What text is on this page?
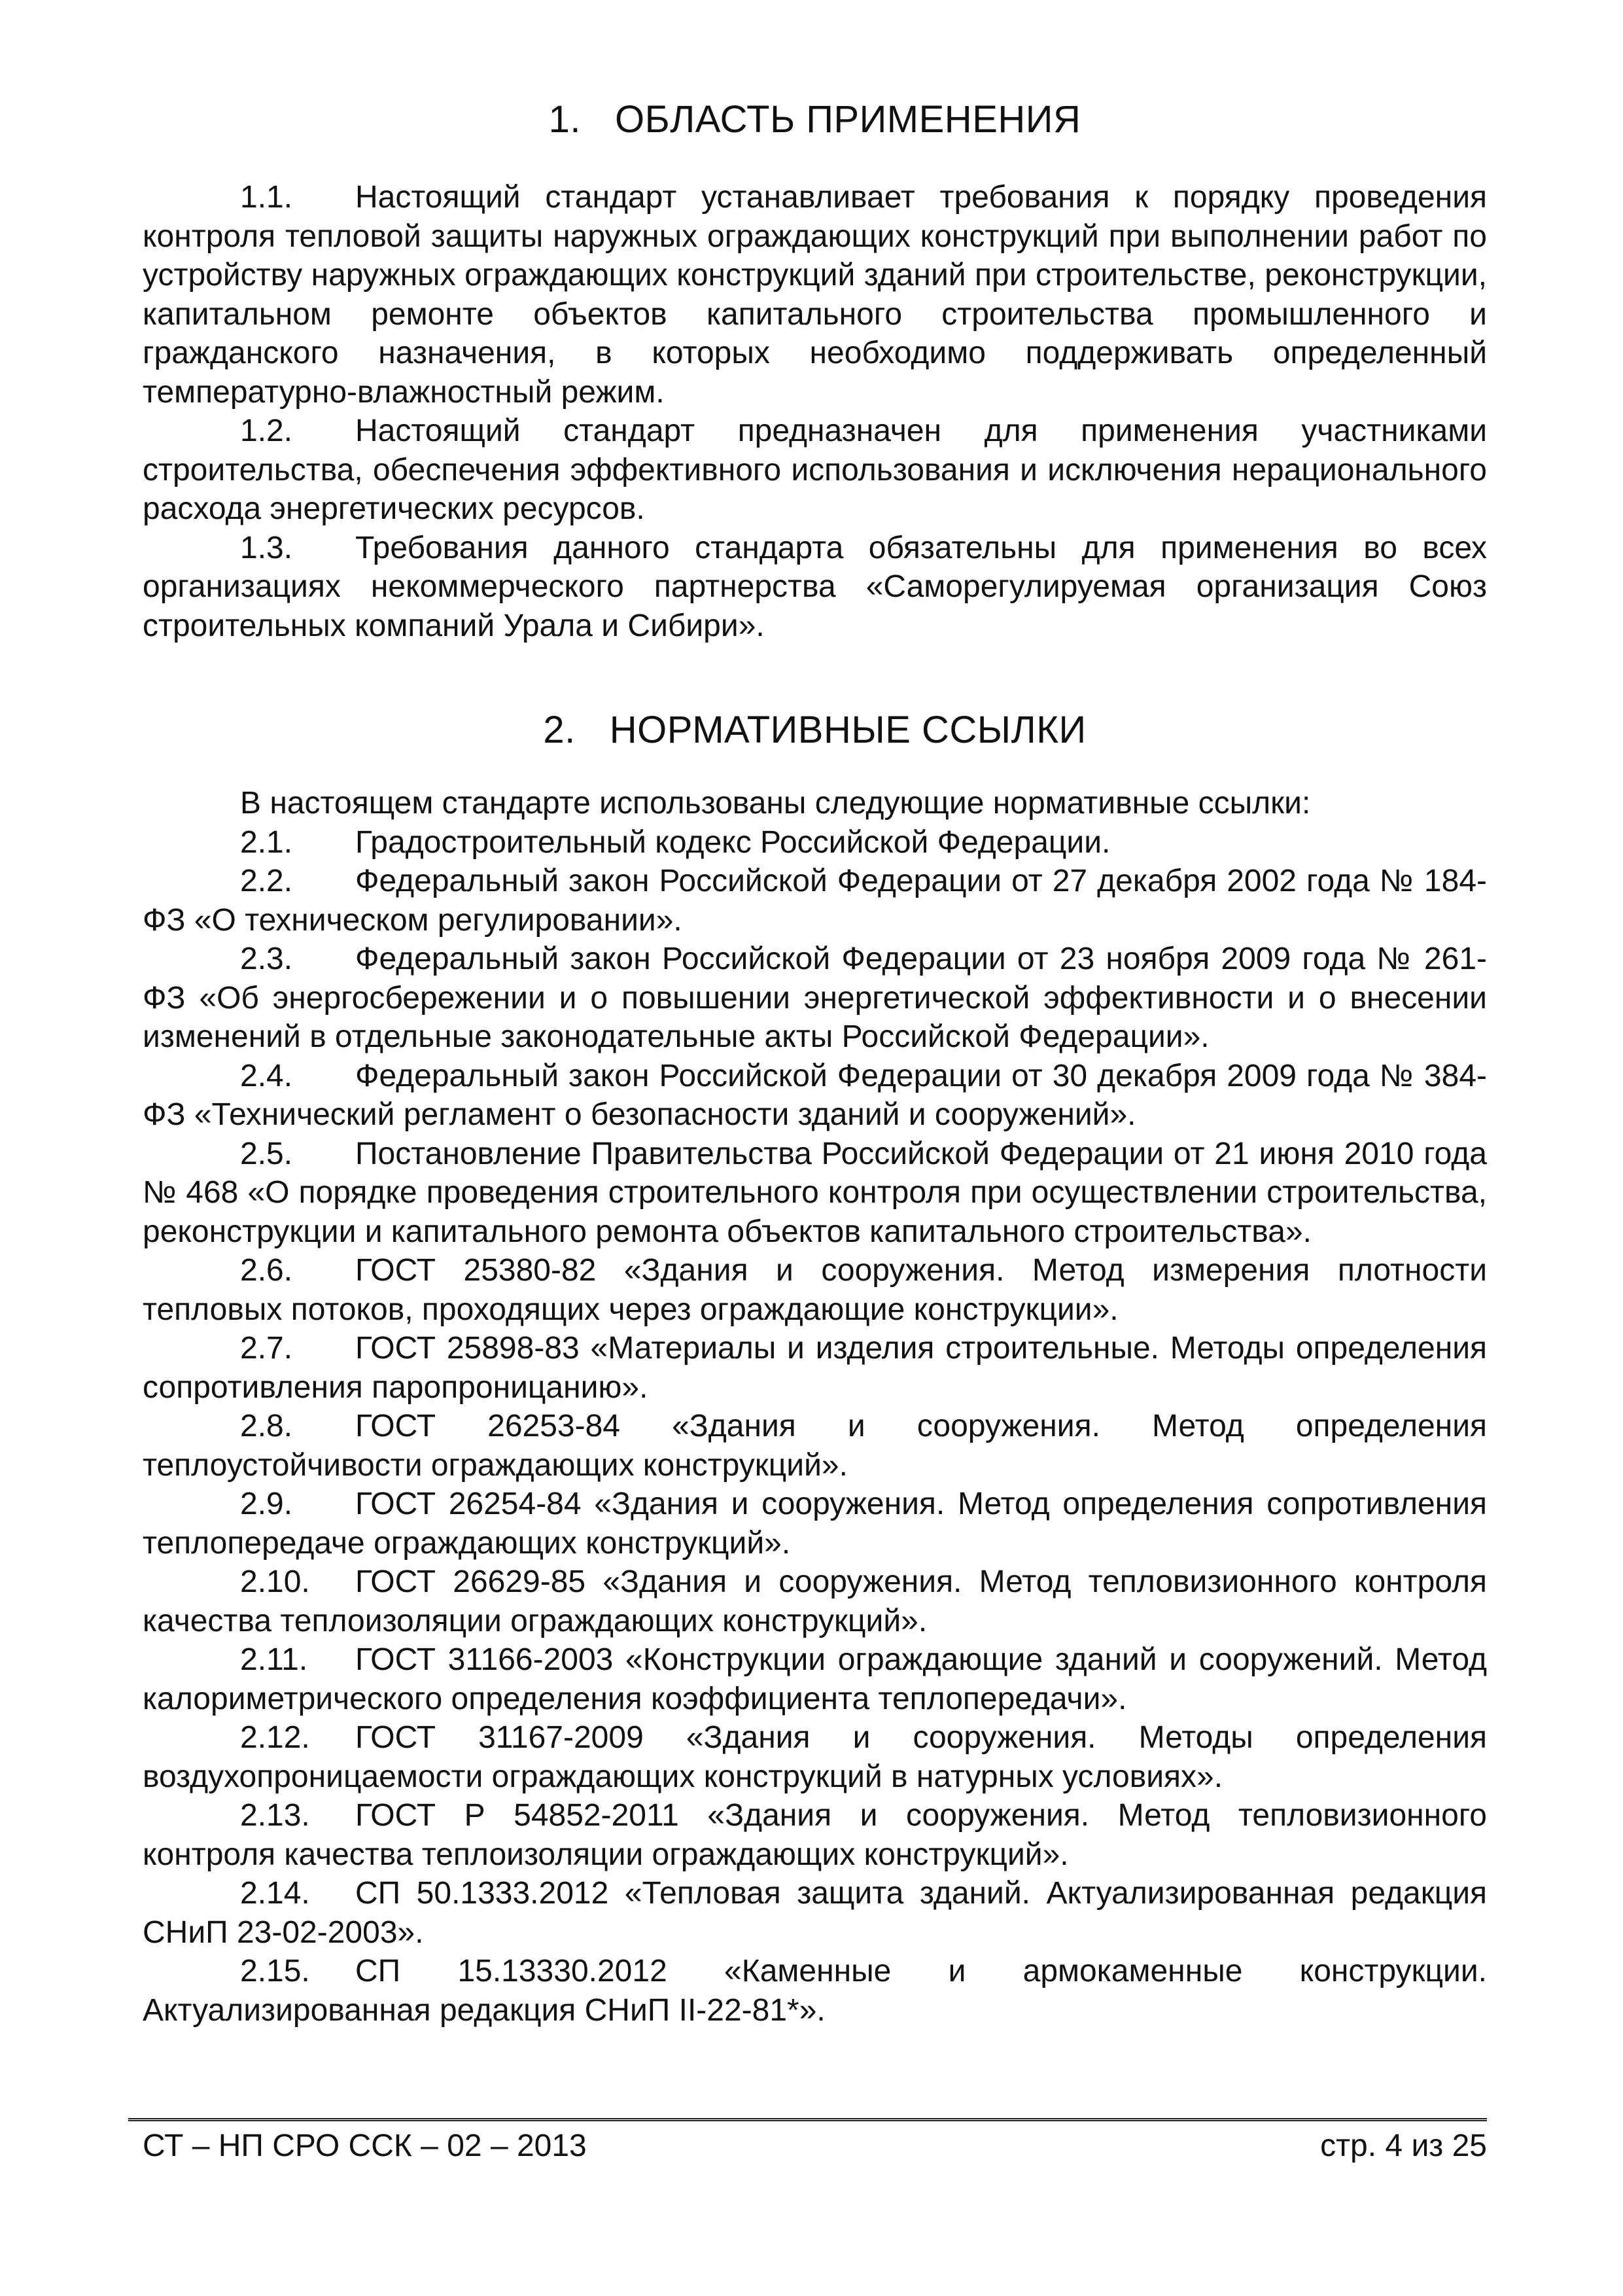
1. ОБЛАСТЬ ПРИМЕНЕНИЯ

1.1. Настоящий стандарт устанавливает требования к порядку проведения контроля тепловой защиты наружных ограждающих конструкций при выполнении работ по устройству наружных ограждающих конструкций зданий при строительстве, реконструкции, капитальном ремонте объектов капитального строительства промышленного и гражданского назначения, в которых необходимо поддерживать определенный температурно-влажностный режим.

1.2. Настоящий стандарт предназначен для применения участниками строительства, обеспечения эффективного использования и исключения нерационального расхода энергетических ресурсов.

1.3. Требования данного стандарта обязательны для применения во всех организациях некоммерческого партнерства «Саморегулируемая организация Союз строительных компаний Урала и Сибири».

2. НОРМАТИВНЫЕ ССЫЛКИ

В настоящем стандарте использованы следующие нормативные ссылки:

2.1. Градостроительный кодекс Российской Федерации.

2.2. Федеральный закон Российской Федерации от 27 декабря 2002 года № 184-ФЗ «О техническом регулировании».

2.3. Федеральный закон Российской Федерации от 23 ноября 2009 года № 261-ФЗ «Об энергосбережении и о повышении энергетической эффективности и о внесении изменений в отдельные законодательные акты Российской Федерации».

2.4. Федеральный закон Российской Федерации от 30 декабря 2009 года № 384-ФЗ «Технический регламент о безопасности зданий и сооружений».

2.5. Постановление Правительства Российской Федерации от 21 июня 2010 года № 468 «О порядке проведения строительного контроля при осуществлении строительства, реконструкции и капитального ремонта объектов капитального строительства».

2.6. ГОСТ 25380-82 «Здания и сооружения. Метод измерения плотности тепловых потоков, проходящих через ограждающие конструкции».

2.7. ГОСТ 25898-83 «Материалы и изделия строительные. Методы определения сопротивления паропроницанию».

2.8. ГОСТ 26253-84 «Здания и сооружения. Метод определения теплоустойчивости ограждающих конструкций».

2.9. ГОСТ 26254-84 «Здания и сооружения. Метод определения сопротивления теплопередаче ограждающих конструкций».

2.10. ГОСТ 26629-85 «Здания и сооружения. Метод тепловизионного контроля качества теплоизоляции ограждающих конструкций».

2.11. ГОСТ 31166-2003 «Конструкции ограждающие зданий и сооружений. Метод калориметрического определения коэффициента теплопередачи».

2.12. ГОСТ 31167-2009 «Здания и сооружения. Методы определения воздухопроницаемости ограждающих конструкций в натурных условиях».

2.13. ГОСТ Р 54852-2011 «Здания и сооружения. Метод тепловизионного контроля качества теплоизоляции ограждающих конструкций».

2.14. СП 50.1333.2012 «Тепловая защита зданий. Актуализированная редакция СНиП 23-02-2003».

2.15. СП 15.13330.2012 «Каменные и армокаменные конструкции. Актуализированная редакция СНиП II-22-81*».

СТ – НП СРО ССК – 02 – 2013	стр. 4 из 25
